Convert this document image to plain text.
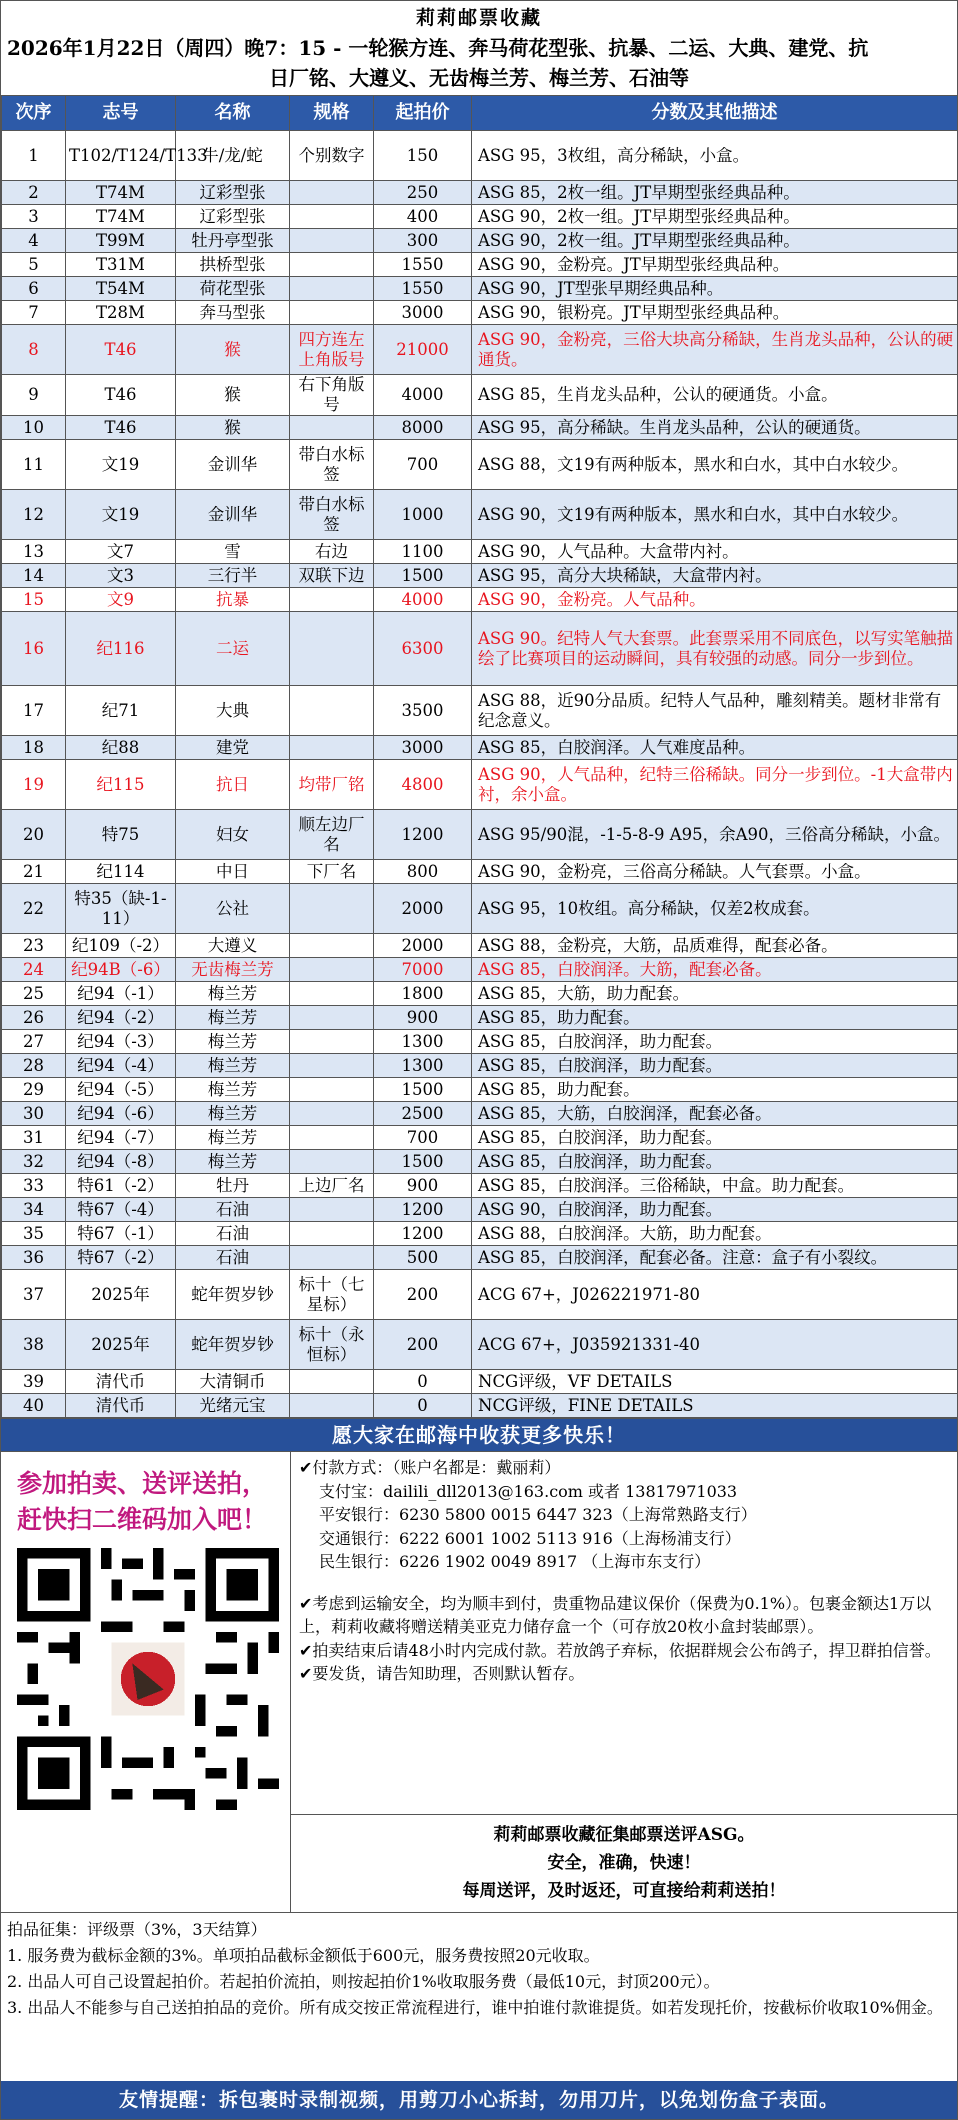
莉莉邮票收藏
2026年1月22日（周四）晚7：15 - 一轮猴方连、奔马荷花型张、抗暴、二运、大典、建党、抗
日厂铭、大遵义、无齿梅兰芳、梅兰芳、石油等
次序	志号	名称	规格	起拍价	分数及其他描述
1	T102/T124/T133	牛/龙/蛇	个别数字	150	ASG 95，3枚组，高分稀缺，小盒。
2	T74M	辽彩型张		250	ASG 85，2枚一组。JT早期型张经典品种。
3	T74M	辽彩型张		400	ASG 90，2枚一组。JT早期型张经典品种。
4	T99M	牡丹亭型张		300	ASG 90，2枚一组。JT早期型张经典品种。
5	T31M	拱桥型张		1550	ASG 90，金粉亮。JT早期型张经典品种。
6	T54M	荷花型张		1550	ASG 90，JT型张早期经典品种。
7	T28M	奔马型张		3000	ASG 90，银粉亮。JT早期型张经典品种。
8	T46	猴	四方连左上角版号	21000	ASG 90，金粉亮，三俗大块高分稀缺，生肖龙头品种，公认的硬通货。
9	T46	猴	右下角版号	4000	ASG 85，生肖龙头品种，公认的硬通货。小盒。
10	T46	猴		8000	ASG 95，高分稀缺。生肖龙头品种，公认的硬通货。
11	文19	金训华	带白水标签	700	ASG 88，文19有两种版本，黑水和白水，其中白水较少。
12	文19	金训华	带白水标签	1000	ASG 90，文19有两种版本，黑水和白水，其中白水较少。
13	文7	雪	右边	1100	ASG 90，人气品种。大盒带内衬。
14	文3	三行半	双联下边	1500	ASG 95，高分大块稀缺，大盒带内衬。
15	文9	抗暴		4000	ASG 90，金粉亮。人气品种。
16	纪116	二运		6300	ASG 90。纪特人气大套票。此套票采用不同底色，以写实笔触描绘了比赛项目的运动瞬间，具有较强的动感。同分一步到位。
17	纪71	大典		3500	ASG 88，近90分品质。纪特人气品种，雕刻精美。题材非常有纪念意义。
18	纪88	建党		3000	ASG 85，白胶润泽。人气难度品种。
19	纪115	抗日	均带厂铭	4800	ASG 90，人气品种，纪特三俗稀缺。同分一步到位。-1大盒带内衬，余小盒。
20	特75	妇女	顺左边厂名	1200	ASG 95/90混，-1-5-8-9 A95，余A90，三俗高分稀缺，小盒。
21	纪114	中日	下厂名	800	ASG 90，金粉亮，三俗高分稀缺。人气套票。小盒。
22	特35（缺-1-11）	公社		2000	ASG 95，10枚组。高分稀缺，仅差2枚成套。
23	纪109（-2）	大遵义		2000	ASG 88，金粉亮，大筋，品质难得，配套必备。
24	纪94B（-6）	无齿梅兰芳		7000	ASG 85，白胶润泽。大筋，配套必备。
25	纪94（-1）	梅兰芳		1800	ASG 85，大筋，助力配套。
26	纪94（-2）	梅兰芳		900	ASG 85，助力配套。
27	纪94（-3）	梅兰芳		1300	ASG 85，白胶润泽，助力配套。
28	纪94（-4）	梅兰芳		1300	ASG 85，白胶润泽，助力配套。
29	纪94（-5）	梅兰芳		1500	ASG 85，助力配套。
30	纪94（-6）	梅兰芳		2500	ASG 85，大筋，白胶润泽，配套必备。
31	纪94（-7）	梅兰芳		700	ASG 85，白胶润泽，助力配套。
32	纪94（-8）	梅兰芳		1500	ASG 85，白胶润泽，助力配套。
33	特61（-2）	牡丹	上边厂名	900	ASG 85，白胶润泽。三俗稀缺，中盒。助力配套。
34	特67（-4）	石油		1200	ASG 90，白胶润泽，助力配套。
35	特67（-1）	石油		1200	ASG 88，白胶润泽。大筋，助力配套。
36	特67（-2）	石油		500	ASG 85，白胶润泽，配套必备。注意：盒子有小裂纹。
37	2025年	蛇年贺岁钞	标十（七星标）	200	ACG 67+，J026221971-80
38	2025年	蛇年贺岁钞	标十（永恒标）	200	ACG 67+，J035921331-40
39	清代币	大清铜币		0	NCG评级，VF DETAILS
40	清代币	光绪元宝		0	NCG评级，FINE DETAILS
愿大家在邮海中收获更多快乐！
参加拍卖、送评送拍，
赶快扫二维码加入吧！

✔付款方式：（账户名都是：戴丽莉）

支付宝：dailili_dll2013@163.com 或者 13817971033

平安银行：6230 5800 0015 6447 323（上海常熟路支行）

交通银行：6222 6001 1002 5113 916（上海杨浦支行）

民生银行：6226 1902 0049 8917 （上海市东支行）

✔考虑到运输安全，均为顺丰到付，贵重物品建议保价（保费为0.1%）。包裹金额达1万以上，莉莉收藏将赠送精美亚克力储存盒一个（可存放20枚小盒封装邮票）。

✔拍卖结束后请48小时内完成付款。若放鸽子弃标，依据群规会公布鸽子，捍卫群拍信誉。

✔要发货，请告知助理，否则默认暂存。

莉莉邮票收藏征集邮票送评ASG。
安全，准确，快速！
每周送评，及时返还，可直接给莉莉送拍！

拍品征集：评级票（3%，3天结算）

1. 服务费为截标金额的3%。单项拍品截标金额低于600元，服务费按照20元收取。

2. 出品人可自己设置起拍价。若起拍价流拍，则按起拍价1%收取服务费（最低10元，封顶200元）。

3. 出品人不能参与自己送拍拍品的竞价。所有成交按正常流程进行，谁中拍谁付款谁提货。如若发现托价，按截标价收取10%佣金。

友情提醒：拆包裹时录制视频，用剪刀小心拆封，勿用刀片，以免划伤盒子表面。
